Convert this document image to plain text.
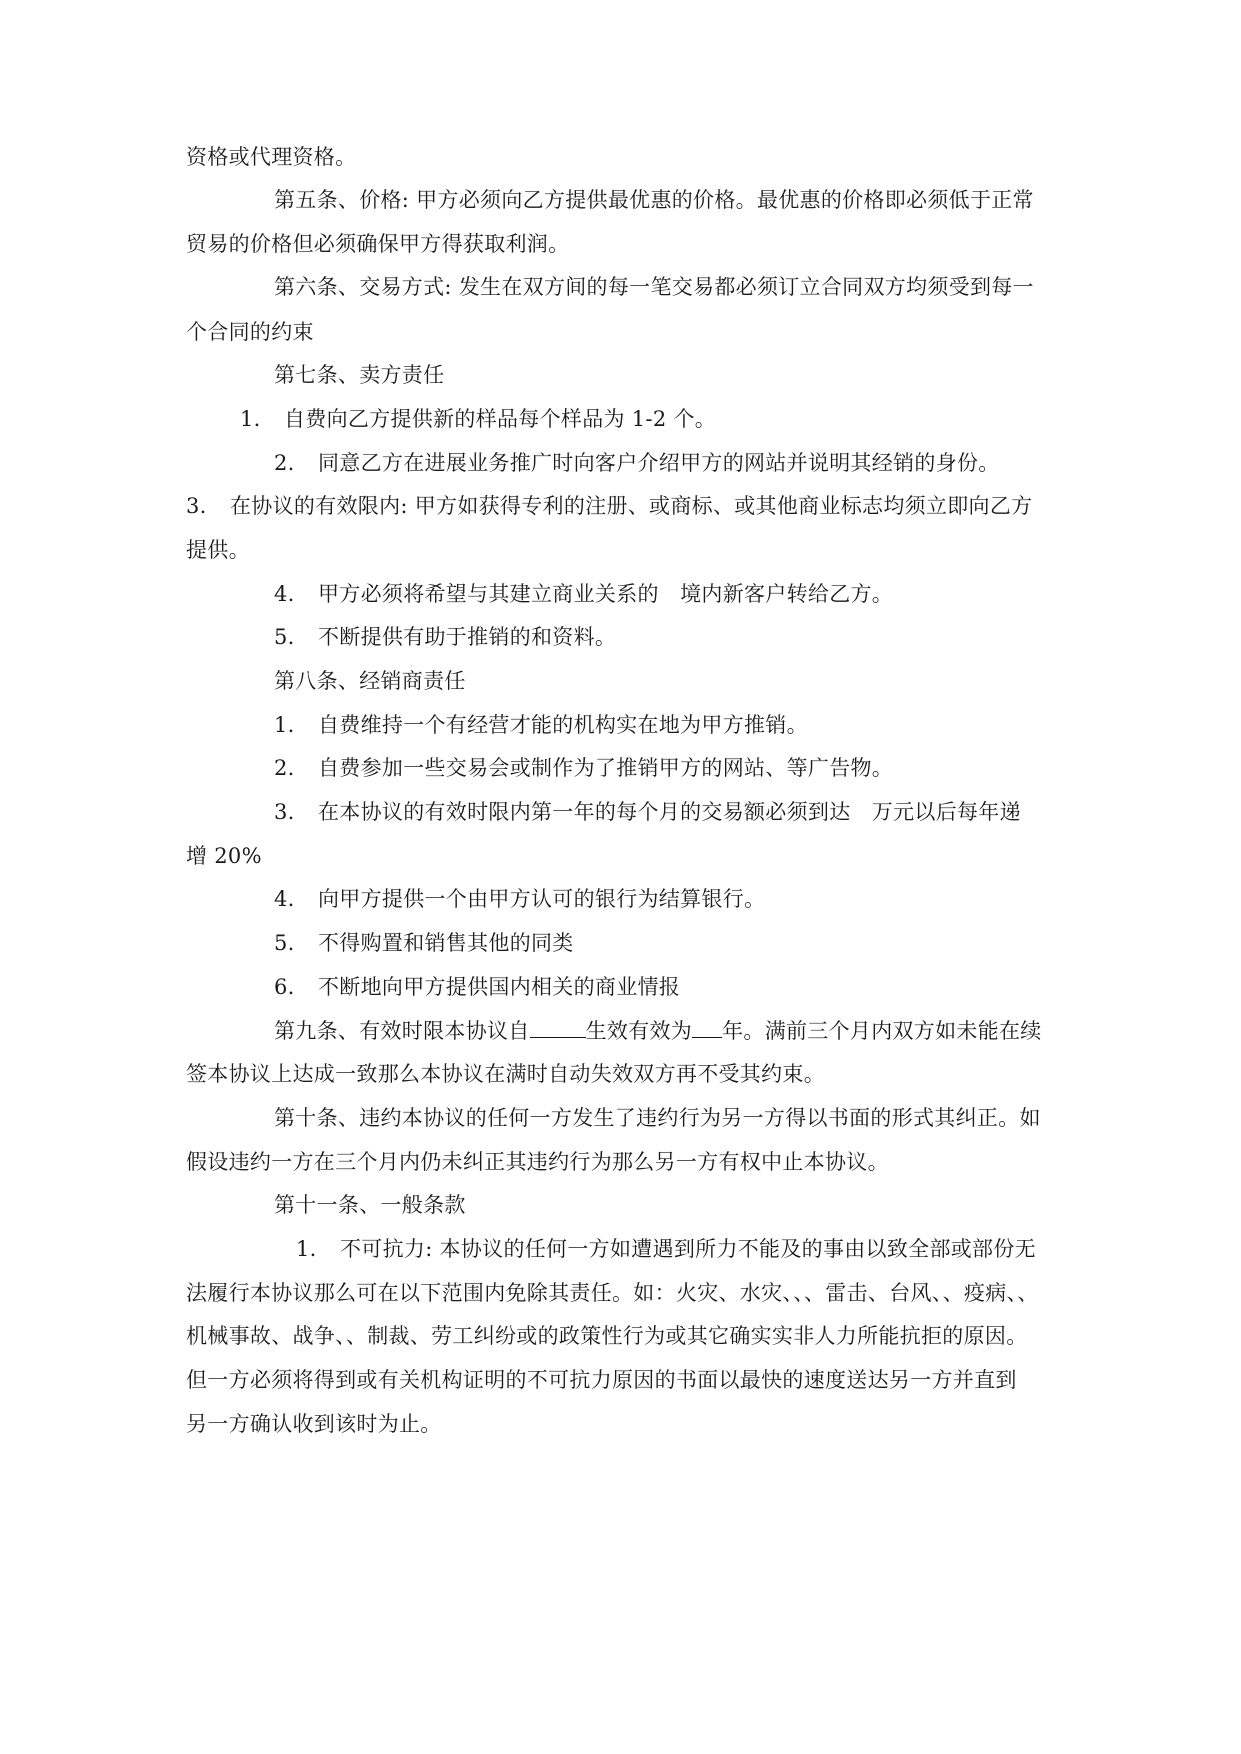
资格或代理资格。
第五条、价格: 甲方必须向乙方提供最优惠的价格。最优惠的价格即必须低于正常
贸易的价格但必须确保甲方得获取利润。
第六条、交易方式: 发生在双方间的每一笔交易都必须订立合同双方均须受到每一
个合同的约束
第七条、卖方责任
1. 自费向乙方提供新的样品每个样品为 1-2 个。
2. 同意乙方在进展业务推广时向客户介绍甲方的网站并说明其经销的身份。
3. 在协议的有效限内: 甲方如获得专利的注册、或商标、或其他商业标志均须立即向乙方
提供。
4. 甲方必须将希望与其建立商业关系的　境内新客户转给乙方。
5. 不断提供有助于推销的和资料。
第八条、经销商责任
1. 自费维持一个有经营才能的机构实在地为甲方推销。
2. 自费参加一些交易会或制作为了推销甲方的网站、等广告物。
3. 在本协议的有效时限内第一年的每个月的交易额必须到达　万元以后每年递
增 20%
4. 向甲方提供一个由甲方认可的银行为结算银行。
5. 不得购置和销售其他的同类
6. 不断地向甲方提供国内相关的商业情报
第九条、有效时限本协议自	生效有效为 年。满前三个月内双方如未能在续
签本协议上达成一致那么本协议在满时自动失效双方再不受其约束。
第十条、违约本协议的任何一方发生了违约行为另一方得以书面的形式其纠正。如
假设违约一方在三个月内仍未纠正其违约行为那么另一方有权中止本协议。
第十一条、一般条款
1. 不可抗力: 本协议的任何一方如遭遇到所力不能及的事由以致全部或部份无
法履行本协议那么可在以下范围内免除其责任。如：火灾、水灾、、、雷击、台风、、疫病、、
机械事故、战争、、制裁、劳工纠纷或的政策性行为或其它确实实非人力所能抗拒的原因。
但一方必须将得到或有关机构证明的不可抗力原因的书面以最快的速度送达另一方并直到
另一方确认收到该时为止。
